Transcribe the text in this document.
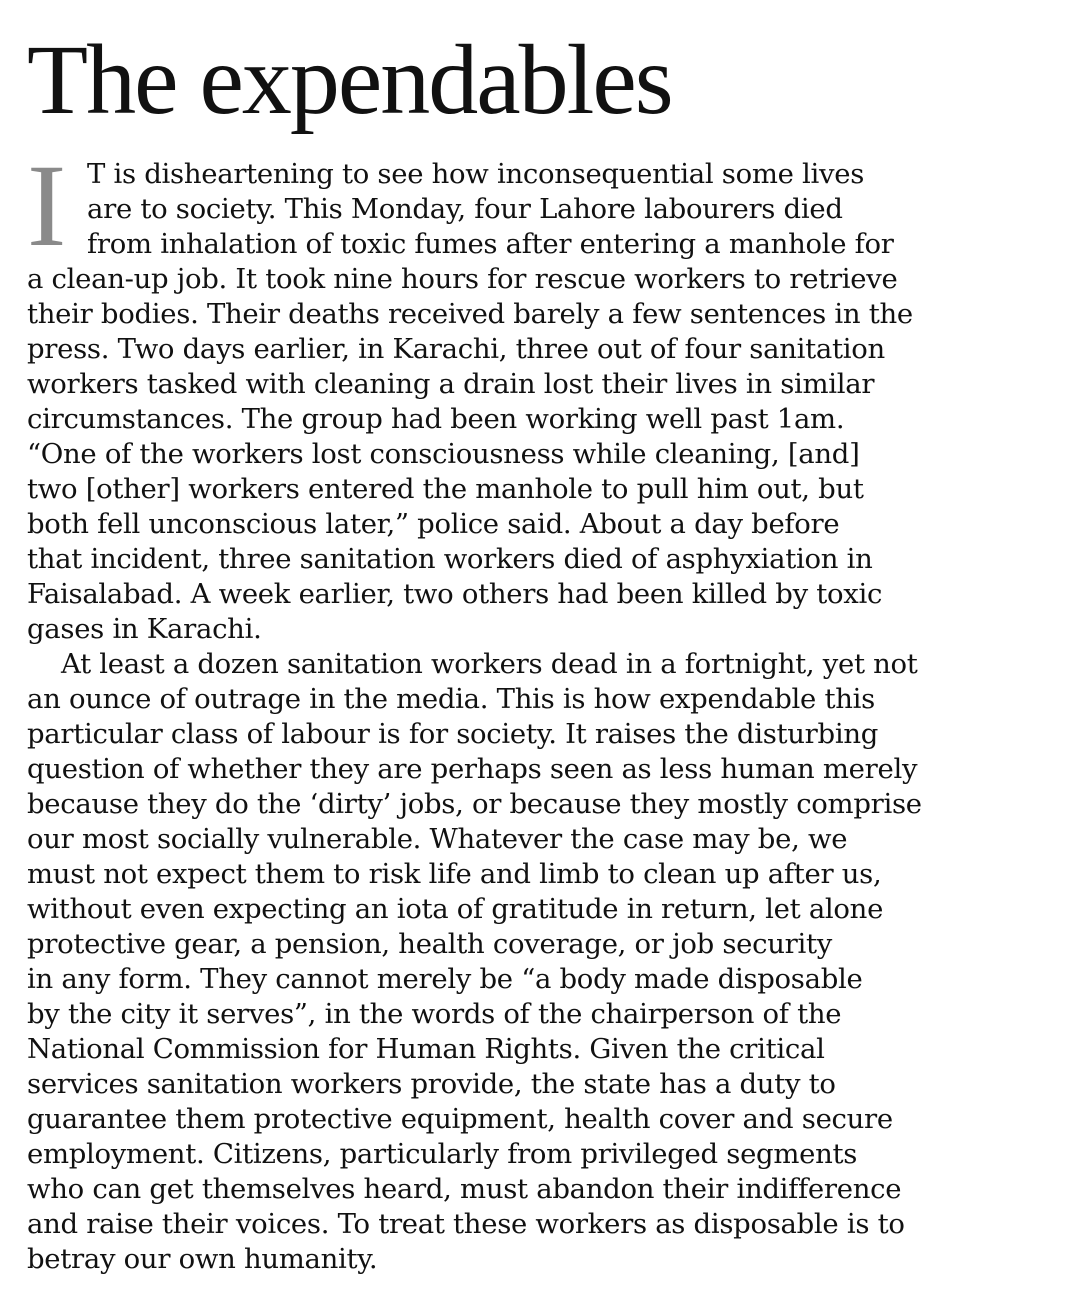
The expendables
T is disheartening to see how inconsequential some lives
are to society. This Monday, four Lahore labourers died
from inhalation of toxic fumes after entering a manhole for
a clean-up job. It took nine hours for rescue workers to retrieve
their bodies. Their deaths received barely a few sentences in the
press. Two days earlier, in Karachi, three out of four sanitation
workers tasked with cleaning a drain lost their lives in similar
circumstances. The group had been working well past 1am.
“One of the workers lost consciousness while cleaning, [and]
two [other] workers entered the manhole to pull him out, but
both fell unconscious later,” police said. About a day before
that incident, three sanitation workers died of asphyxiation in
Faisalabad. A week earlier, two others had been killed by toxic
gases in Karachi.
At least a dozen sanitation workers dead in a fortnight, yet not
an ounce of outrage in the media. This is how expendable this
particular class of labour is for society. It raises the disturbing
question of whether they are perhaps seen as less human merely
because they do the ‘dirty’ jobs, or because they mostly comprise
our most socially vulnerable. Whatever the case may be, we
must not expect them to risk life and limb to clean up after us,
without even expecting an iota of gratitude in return, let alone
protective gear, a pension, health coverage, or job security
in any form. They cannot merely be “a body made disposable
by the city it serves”, in the words of the chairperson of the
National Commission for Human Rights. Given the critical
services sanitation workers provide, the state has a duty to
guarantee them protective equipment, health cover and secure
employment. Citizens, particularly from privileged segments
who can get themselves heard, must abandon their indifference
and raise their voices. To treat these workers as disposable is to
betray our own humanity.
I
